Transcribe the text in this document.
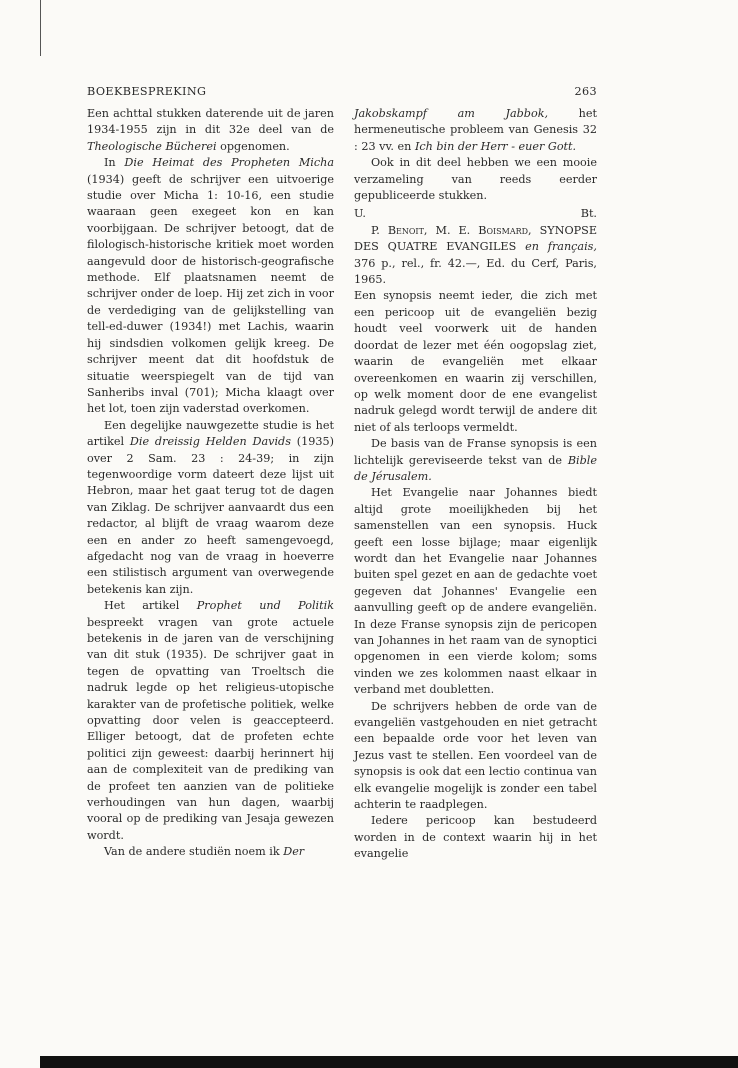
BOEKBESPREKING	263

Een achttal stukken daterende uit de jaren 1934-1955 zijn in dit 32e deel van de Theologische Bücherei opgenomen.

In Die Heimat des Propheten Micha (1934) geeft de schrijver een uitvoerige studie over Micha 1: 10-16, een studie waaraan geen exegeet kon en kan voorbijgaan. De schrijver betoogt, dat de filologisch-historische kritiek moet worden aangevuld door de historisch-geografische methode. Elf plaatsnamen neemt de schrijver onder de loep. Hij zet zich in voor de verdediging van de gelijkstelling van tell-ed-duwer (1934!) met Lachis, waarin hij sindsdien volkomen gelijk kreeg. De schrijver meent dat dit hoofdstuk de situatie weerspiegelt van de tijd van Sanheribs inval (701); Micha klaagt over het lot, toen zijn vaderstad overkomen.

Een degelijke nauwgezette studie is het artikel Die dreissig Helden Davids (1935) over 2 Sam. 23 : 24-39; in zijn tegenwoordige vorm dateert deze lijst uit Hebron, maar het gaat terug tot de dagen van Ziklag. De schrijver aanvaardt dus een redactor, al blijft de vraag waarom deze een en ander zo heeft samengevoegd, afgedacht nog van de vraag in hoeverre een stilistisch argument van overwegende betekenis kan zijn.

Het artikel Prophet und Politik bespreekt vragen van grote actuele betekenis in de jaren van de verschijning van dit stuk (1935). De schrijver gaat in tegen de opvatting van Troeltsch die nadruk legde op het religieus-utopische karakter van de profetische politiek, welke opvatting door velen is geaccepteerd. Elliger betoogt, dat de profeten echte politici zijn geweest: daarbij herinnert hij aan de complexiteit van de prediking van de profeet ten aanzien van de politieke verhoudingen van hun dagen, waarbij vooral op de prediking van Jesaja gewezen wordt.

Van de andere studiën noem ik Der

Jakobskampf am Jabbok, het hermeneutische probleem van Genesis 32 : 23 vv. en Ich bin der Herr - euer Gott.

Ook in dit deel hebben we een mooie verzameling van reeds eerder gepubliceerde stukken.

U.	Bt.

P. Benoit, M. E. Boismard, SYNOPSE DES QUATRE EVANGILES en français, 376 p., rel., fr. 42.—, Ed. du Cerf, Paris, 1965.

Een synopsis neemt ieder, die zich met een pericoop uit de evangeliën bezig houdt veel voorwerk uit de handen doordat de lezer met één oogopslag ziet, waarin de evangeliën met elkaar overeenkomen en waarin zij verschillen, op welk moment door de ene evangelist nadruk gelegd wordt terwijl de andere dit niet of als terloops vermeldt.

De basis van de Franse synopsis is een lichtelijk gereviseerde tekst van de Bible de Jérusalem.

Het Evangelie naar Johannes biedt altijd grote moeilijkheden bij het samenstellen van een synopsis. Huck geeft een losse bijlage; maar eigenlijk wordt dan het Evangelie naar Johannes buiten spel gezet en aan de gedachte voet gegeven dat Johannes' Evangelie een aanvulling geeft op de andere evangeliën. In deze Franse synopsis zijn de pericopen van Johannes in het raam van de synoptici opgenomen in een vierde kolom; soms vinden we zes kolommen naast elkaar in verband met doubletten.

De schrijvers hebben de orde van de evangeliën vastgehouden en niet getracht een bepaalde orde voor het leven van Jezus vast te stellen. Een voordeel van de synopsis is ook dat een lectio continua van elk evangelie mogelijk is zonder een tabel achterin te raadplegen.

Iedere pericoop kan bestudeerd worden in de context waarin hij in het evangelie
